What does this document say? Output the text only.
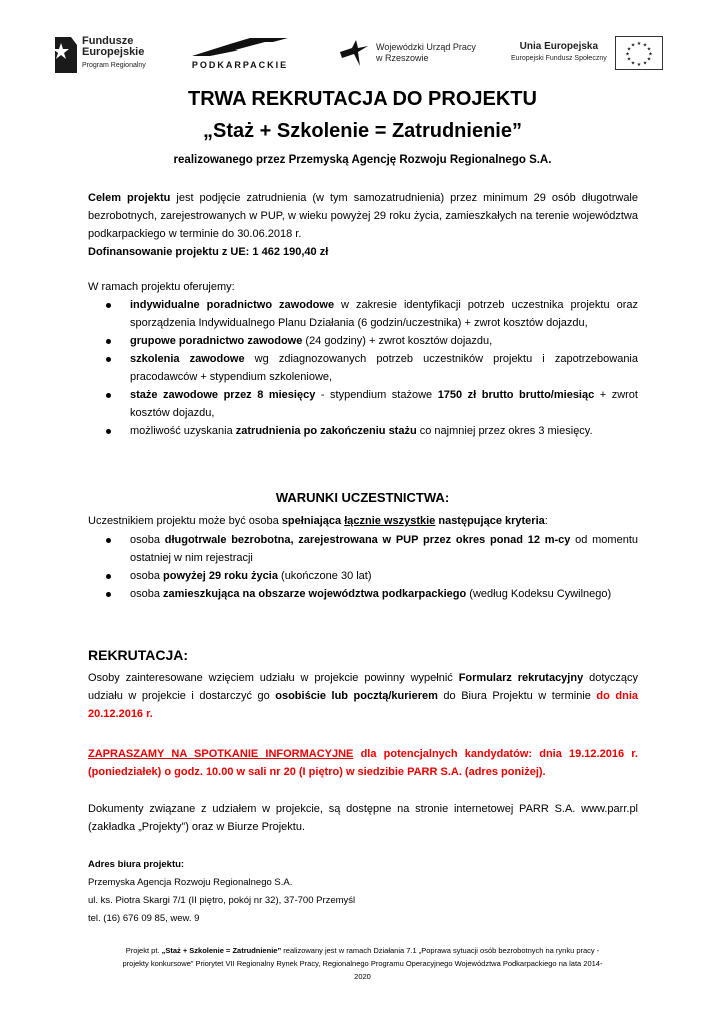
Fundusze
Europejskie
Program Regionalny	PODKARPACKIE
Wojewódzki Urząd Pracy
w Rzeszowie
Unia Europejska
Europejski Fundusz Społeczny
★ ★
★
★
★
★
★
★
★
★
★
★
TRWA REKRUTACJA DO PROJEKTU
„Staż + Szkolenie = Zatrudnienie”
realizowanego przez Przemyską Agencję Rozwoju Regionalnego S.A.
Celem projektu jest podjęcie zatrudnienia (w tym samozatrudnienia) przez minimum 29 osób długotrwale bezrobotnych, zarejestrowanych w PUP, w wieku powyżej 29 roku życia, zamieszkałych na terenie województwa podkarpackiego w terminie do 30.06.2018 r.
Dofinansowanie projektu z UE: 1 462 190,40 zł
W ramach projektu oferujemy:
indywidualne poradnictwo zawodowe w zakresie identyfikacji potrzeb uczestnika projektu oraz sporządzenia Indywidualnego Planu Działania (6 godzin/uczestnika) + zwrot kosztów dojazdu,
grupowe poradnictwo zawodowe (24 godziny) + zwrot kosztów dojazdu,
szkolenia zawodowe wg zdiagnozowanych potrzeb uczestników projektu i zapotrzebowania pracodawców + stypendium szkoleniowe,
staże zawodowe przez 8 miesięcy - stypendium stażowe 1750 zł brutto brutto/miesiąc + zwrot kosztów dojazdu,
możliwość uzyskania zatrudnienia po zakończeniu stażu co najmniej przez okres 3 miesięcy.
WARUNKI UCZESTNICTWA:
Uczestnikiem projektu może być osoba spełniająca łącznie wszystkie następujące kryteria:
osoba długotrwale bezrobotna, zarejestrowana w PUP przez okres ponad 12 m-cy od momentu ostatniej w nim rejestracji
osoba powyżej 29 roku życia (ukończone 30 lat)
osoba zamieszkująca na obszarze województwa podkarpackiego (według Kodeksu Cywilnego)
REKRUTACJA:
Osoby zainteresowane wzięciem udziału w projekcie powinny wypełnić Formularz rekrutacyjny dotyczący udziału w projekcie i dostarczyć go osobiście lub pocztą/kurierem do Biura Projektu w terminie do dnia 20.12.2016 r.
ZAPRASZAMY NA SPOTKANIE INFORMACYJNE dla potencjalnych kandydatów: dnia 19.12.2016 r. (poniedziałek) o godz. 10.00 w sali nr 20 (I piętro) w siedzibie PARR S.A. (adres poniżej).
Dokumenty związane z udziałem w projekcie, są dostępne na stronie internetowej PARR S.A. www.parr.pl (zakładka „Projekty”) oraz w Biurze Projektu.
Adres biura projektu:
Przemyska Agencja Rozwoju Regionalnego S.A.
ul. ks. Piotra Skargi 7/1 (II piętro, pokój nr 32), 37-700 Przemyśl
tel. (16) 676 09 85, wew. 9
Projekt pt. „Staż + Szkolenie = Zatrudnienie” realizowany jest w ramach Działania 7.1 „Poprawa sytuacji osób bezrobotnych na rynku pracy - projekty konkursowe” Priorytet VII Regionalny Rynek Pracy, Regionalnego Programu Operacyjnego Województwa Podkarpackiego na lata 2014-2020
